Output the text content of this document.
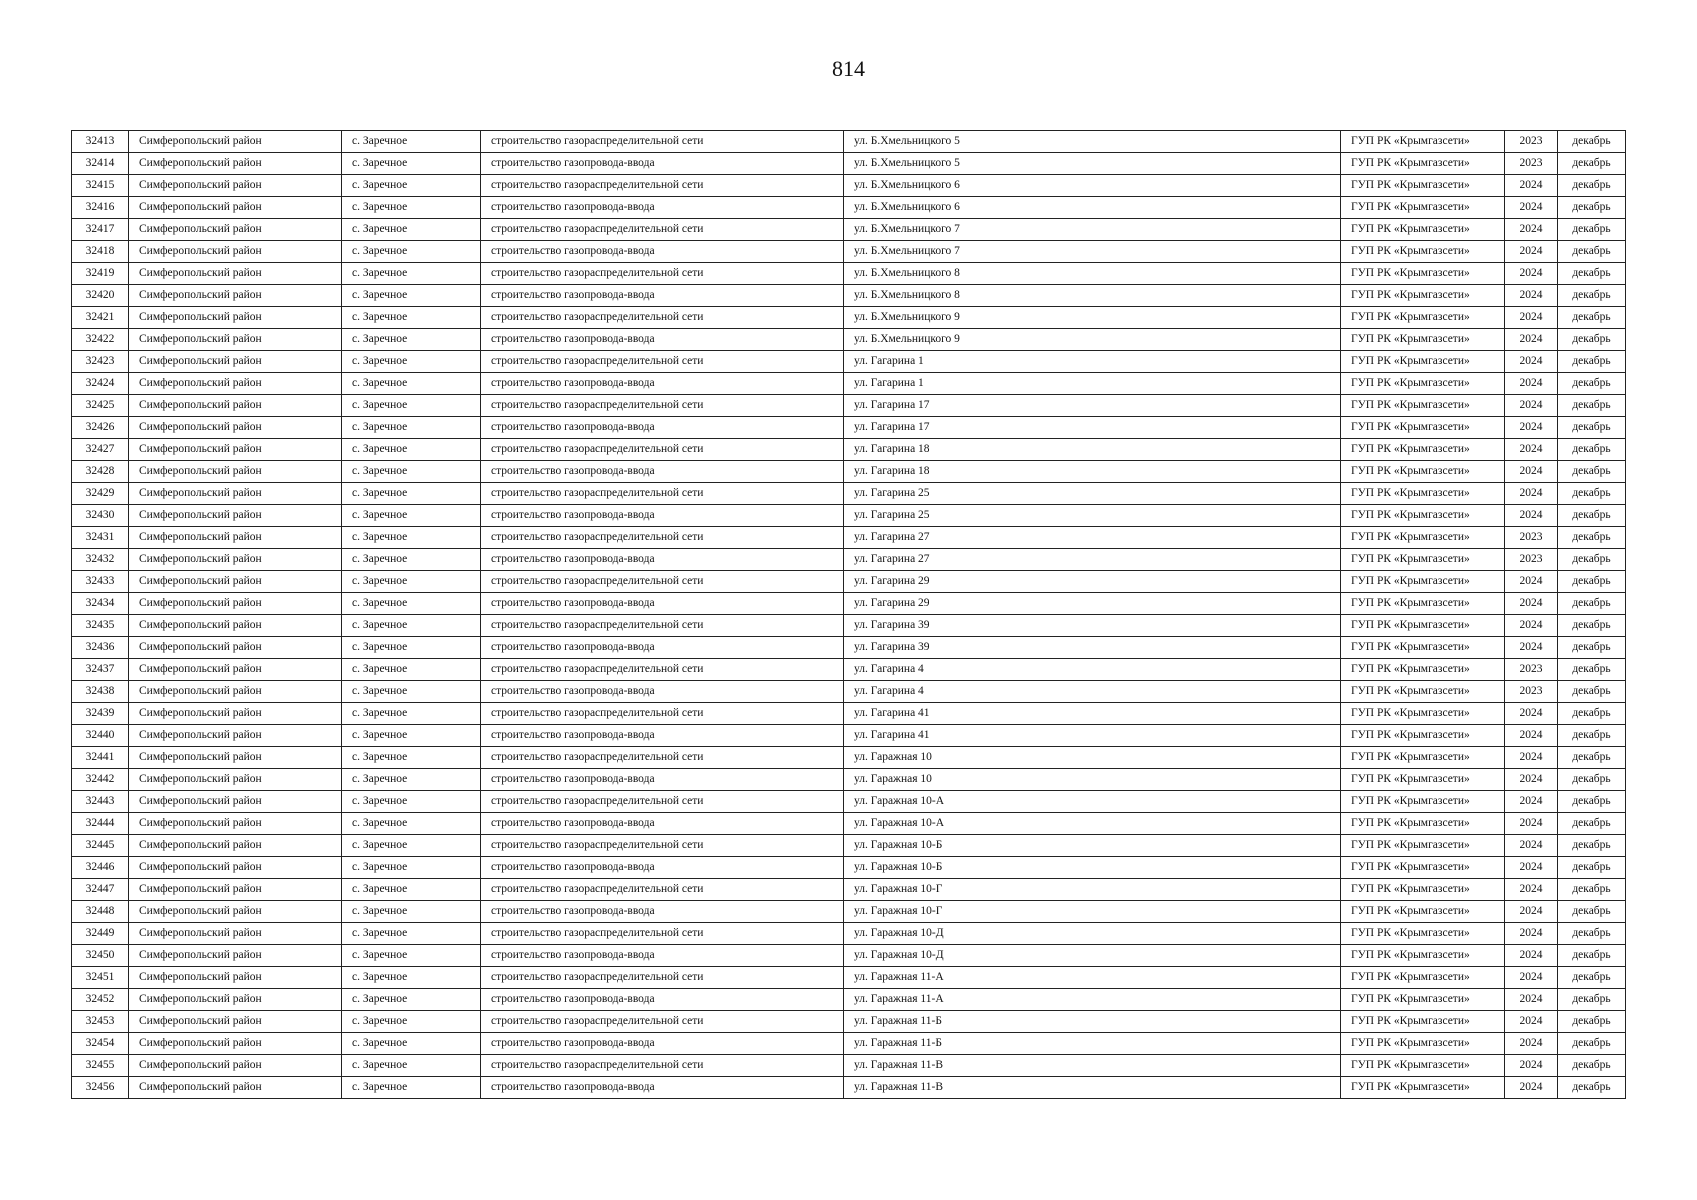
814
32413	Симферопольский район	с. Заречное	строительство газораспределительной сети	ул. Б.Хмельницкого 5	ГУП РК «Крымгазсети»	2023	декабрь
32414	Симферопольский район	с. Заречное	строительство газопровода-ввода	ул. Б.Хмельницкого 5	ГУП РК «Крымгазсети»	2023	декабрь
32415	Симферопольский район	с. Заречное	строительство газораспределительной сети	ул. Б.Хмельницкого 6	ГУП РК «Крымгазсети»	2024	декабрь
32416	Симферопольский район	с. Заречное	строительство газопровода-ввода	ул. Б.Хмельницкого 6	ГУП РК «Крымгазсети»	2024	декабрь
32417	Симферопольский район	с. Заречное	строительство газораспределительной сети	ул. Б.Хмельницкого 7	ГУП РК «Крымгазсети»	2024	декабрь
32418	Симферопольский район	с. Заречное	строительство газопровода-ввода	ул. Б.Хмельницкого 7	ГУП РК «Крымгазсети»	2024	декабрь
32419	Симферопольский район	с. Заречное	строительство газораспределительной сети	ул. Б.Хмельницкого 8	ГУП РК «Крымгазсети»	2024	декабрь
32420	Симферопольский район	с. Заречное	строительство газопровода-ввода	ул. Б.Хмельницкого 8	ГУП РК «Крымгазсети»	2024	декабрь
32421	Симферопольский район	с. Заречное	строительство газораспределительной сети	ул. Б.Хмельницкого 9	ГУП РК «Крымгазсети»	2024	декабрь
32422	Симферопольский район	с. Заречное	строительство газопровода-ввода	ул. Б.Хмельницкого 9	ГУП РК «Крымгазсети»	2024	декабрь
32423	Симферопольский район	с. Заречное	строительство газораспределительной сети	ул. Гагарина 1	ГУП РК «Крымгазсети»	2024	декабрь
32424	Симферопольский район	с. Заречное	строительство газопровода-ввода	ул. Гагарина 1	ГУП РК «Крымгазсети»	2024	декабрь
32425	Симферопольский район	с. Заречное	строительство газораспределительной сети	ул. Гагарина 17	ГУП РК «Крымгазсети»	2024	декабрь
32426	Симферопольский район	с. Заречное	строительство газопровода-ввода	ул. Гагарина 17	ГУП РК «Крымгазсети»	2024	декабрь
32427	Симферопольский район	с. Заречное	строительство газораспределительной сети	ул. Гагарина 18	ГУП РК «Крымгазсети»	2024	декабрь
32428	Симферопольский район	с. Заречное	строительство газопровода-ввода	ул. Гагарина 18	ГУП РК «Крымгазсети»	2024	декабрь
32429	Симферопольский район	с. Заречное	строительство газораспределительной сети	ул. Гагарина 25	ГУП РК «Крымгазсети»	2024	декабрь
32430	Симферопольский район	с. Заречное	строительство газопровода-ввода	ул. Гагарина 25	ГУП РК «Крымгазсети»	2024	декабрь
32431	Симферопольский район	с. Заречное	строительство газораспределительной сети	ул. Гагарина 27	ГУП РК «Крымгазсети»	2023	декабрь
32432	Симферопольский район	с. Заречное	строительство газопровода-ввода	ул. Гагарина 27	ГУП РК «Крымгазсети»	2023	декабрь
32433	Симферопольский район	с. Заречное	строительство газораспределительной сети	ул. Гагарина 29	ГУП РК «Крымгазсети»	2024	декабрь
32434	Симферопольский район	с. Заречное	строительство газопровода-ввода	ул. Гагарина 29	ГУП РК «Крымгазсети»	2024	декабрь
32435	Симферопольский район	с. Заречное	строительство газораспределительной сети	ул. Гагарина 39	ГУП РК «Крымгазсети»	2024	декабрь
32436	Симферопольский район	с. Заречное	строительство газопровода-ввода	ул. Гагарина 39	ГУП РК «Крымгазсети»	2024	декабрь
32437	Симферопольский район	с. Заречное	строительство газораспределительной сети	ул. Гагарина 4	ГУП РК «Крымгазсети»	2023	декабрь
32438	Симферопольский район	с. Заречное	строительство газопровода-ввода	ул. Гагарина 4	ГУП РК «Крымгазсети»	2023	декабрь
32439	Симферопольский район	с. Заречное	строительство газораспределительной сети	ул. Гагарина 41	ГУП РК «Крымгазсети»	2024	декабрь
32440	Симферопольский район	с. Заречное	строительство газопровода-ввода	ул. Гагарина 41	ГУП РК «Крымгазсети»	2024	декабрь
32441	Симферопольский район	с. Заречное	строительство газораспределительной сети	ул. Гаражная 10	ГУП РК «Крымгазсети»	2024	декабрь
32442	Симферопольский район	с. Заречное	строительство газопровода-ввода	ул. Гаражная 10	ГУП РК «Крымгазсети»	2024	декабрь
32443	Симферопольский район	с. Заречное	строительство газораспределительной сети	ул. Гаражная 10-А	ГУП РК «Крымгазсети»	2024	декабрь
32444	Симферопольский район	с. Заречное	строительство газопровода-ввода	ул. Гаражная 10-А	ГУП РК «Крымгазсети»	2024	декабрь
32445	Симферопольский район	с. Заречное	строительство газораспределительной сети	ул. Гаражная 10-Б	ГУП РК «Крымгазсети»	2024	декабрь
32446	Симферопольский район	с. Заречное	строительство газопровода-ввода	ул. Гаражная 10-Б	ГУП РК «Крымгазсети»	2024	декабрь
32447	Симферопольский район	с. Заречное	строительство газораспределительной сети	ул. Гаражная 10-Г	ГУП РК «Крымгазсети»	2024	декабрь
32448	Симферопольский район	с. Заречное	строительство газопровода-ввода	ул. Гаражная 10-Г	ГУП РК «Крымгазсети»	2024	декабрь
32449	Симферопольский район	с. Заречное	строительство газораспределительной сети	ул. Гаражная 10-Д	ГУП РК «Крымгазсети»	2024	декабрь
32450	Симферопольский район	с. Заречное	строительство газопровода-ввода	ул. Гаражная 10-Д	ГУП РК «Крымгазсети»	2024	декабрь
32451	Симферопольский район	с. Заречное	строительство газораспределительной сети	ул. Гаражная 11-А	ГУП РК «Крымгазсети»	2024	декабрь
32452	Симферопольский район	с. Заречное	строительство газопровода-ввода	ул. Гаражная 11-А	ГУП РК «Крымгазсети»	2024	декабрь
32453	Симферопольский район	с. Заречное	строительство газораспределительной сети	ул. Гаражная 11-Б	ГУП РК «Крымгазсети»	2024	декабрь
32454	Симферопольский район	с. Заречное	строительство газопровода-ввода	ул. Гаражная 11-Б	ГУП РК «Крымгазсети»	2024	декабрь
32455	Симферопольский район	с. Заречное	строительство газораспределительной сети	ул. Гаражная 11-В	ГУП РК «Крымгазсети»	2024	декабрь
32456	Симферопольский район	с. Заречное	строительство газопровода-ввода	ул. Гаражная 11-В	ГУП РК «Крымгазсети»	2024	декабрь
